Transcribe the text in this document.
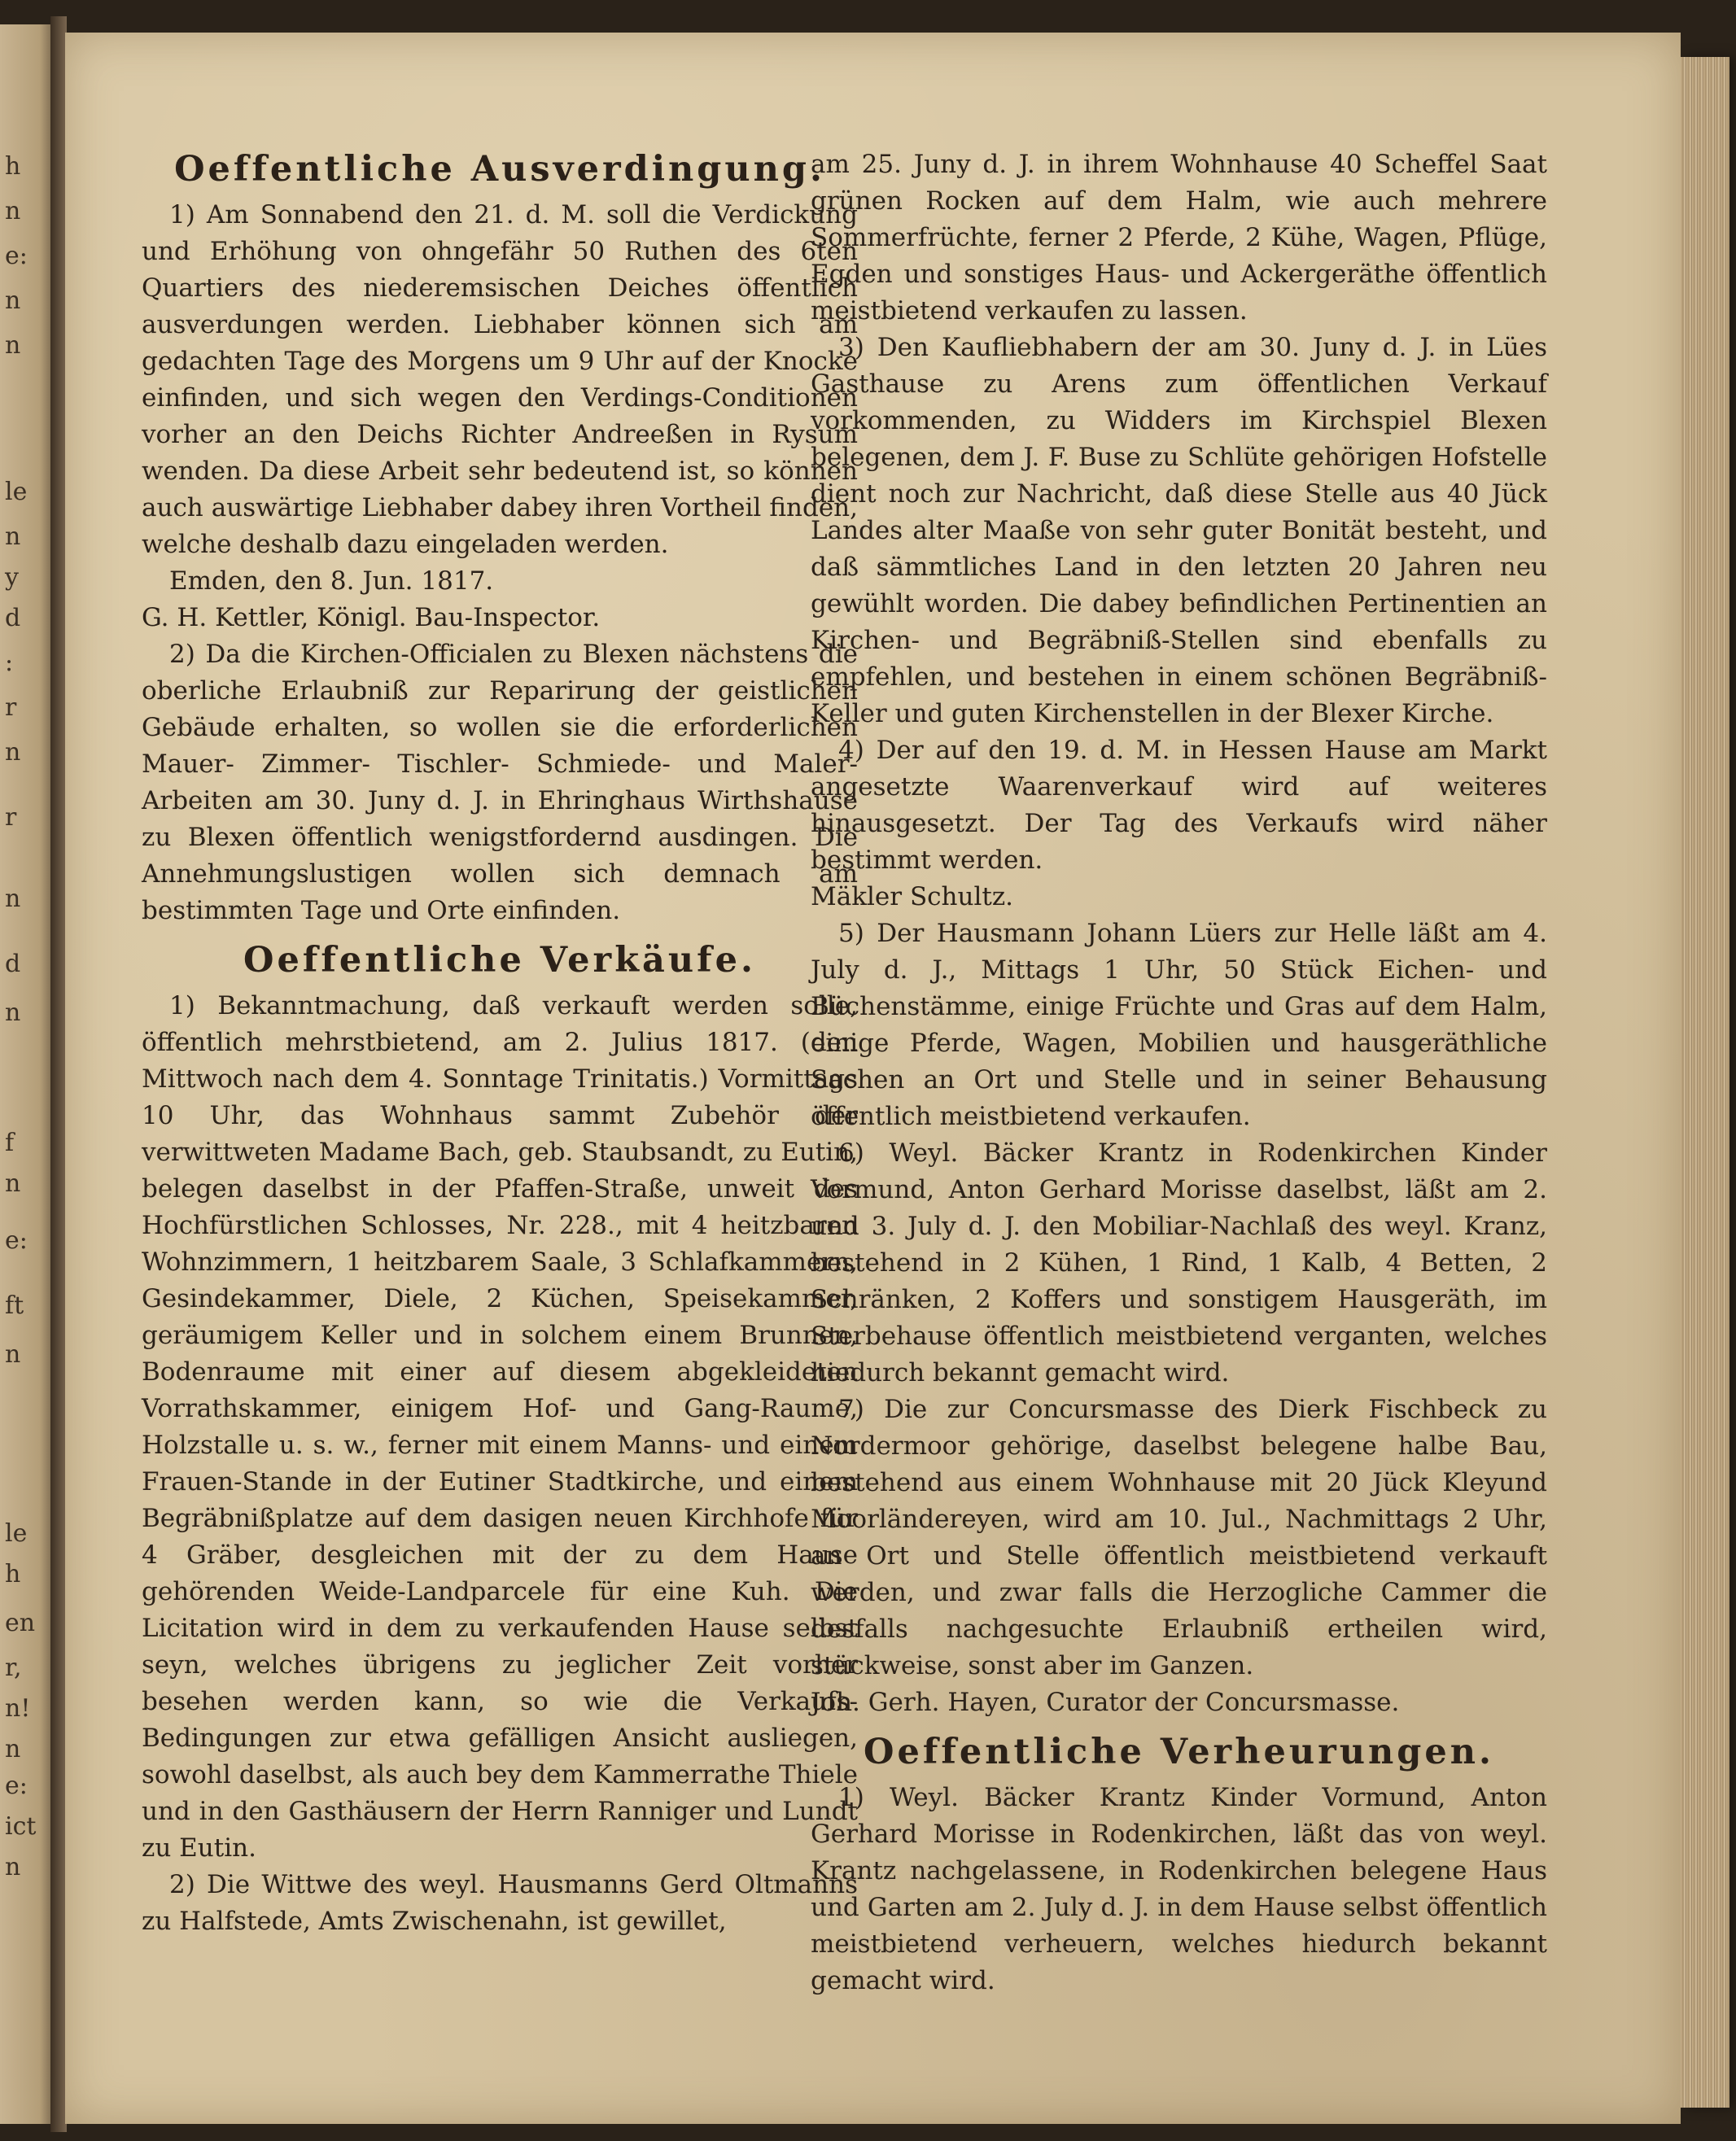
h
n
e:
n
n
le
n
y
d
:
r
n
r
n
d
n
f
n
e:
ft
n
le
h
en
r,
n!
n
e:
ict
n
Oeffentliche Ausverdingung.

1) Am Sonnabend den 21. d. M. soll die Verdickung und Erhöhung von ohngefähr 50 Ruthen des 6ten Quartiers des niederemsischen Deiches öffentlich ausverdungen werden. Liebhaber können sich am gedachten Tage des Morgens um 9 Uhr auf der Knocke einfinden, und sich wegen den Verdings-Conditionen vorher an den Deichs Richter Andreeßen in Rysum wenden. Da diese Arbeit sehr bedeutend ist, so können auch auswärtige Liebhaber dabey ihren Vortheil finden, welche deshalb dazu eingeladen werden.

Emden, den 8. Jun. 1817.

G. H. Kettler, Königl. Bau-Inspector.

2) Da die Kirchen-Officialen zu Blexen nächstens die oberliche Erlaubniß zur Reparirung der geistlichen Gebäude erhalten, so wollen sie die erforderlichen Mauer- Zimmer- Tischler- Schmiede- und Maler-Arbeiten am 30. Juny d. J. in Ehringhaus Wirthshause zu Blexen öffentlich wenigstfordernd ausdingen. Die Annehmungslustigen wollen sich demnach am bestimmten Tage und Orte einfinden.

Oeffentliche Verkäufe.

1) Bekanntmachung, daß verkauft werden solle, öffentlich mehrstbietend, am 2. Julius 1817. (den Mittwoch nach dem 4. Sonntage Trinitatis.) Vormittags 10 Uhr, das Wohnhaus sammt Zubehör der verwittweten Madame Bach, geb. Staubsandt, zu Eutin, belegen daselbst in der Pfaffen-Straße, unweit des Hochfürstlichen Schlosses, Nr. 228., mit 4 heitzbaren Wohnzimmern, 1 heitzbarem Saale, 3 Schlafkammern, Gesindekammer, Diele, 2 Küchen, Speisekammer, geräumigem Keller und in solchem einem Brunnen, Bodenraume mit einer auf diesem abgekleideten Vorrathskammer, einigem Hof- und Gang-Raume, Holzstalle u. s. w., ferner mit einem Manns- und einem Frauen-Stande in der Eutiner Stadtkirche, und einem Begräbnißplatze auf dem dasigen neuen Kirchhofe für 4 Gräber, desgleichen mit der zu dem Hause gehörenden Weide-Landparcele für eine Kuh. Die Licitation wird in dem zu verkaufenden Hause selbst seyn, welches übrigens zu jeglicher Zeit vorher besehen werden kann, so wie die Verkaufs-Bedingungen zur etwa gefälligen Ansicht ausliegen, sowohl daselbst, als auch bey dem Kammerrathe Thiele und in den Gasthäusern der Herrn Ranniger und Lundt zu Eutin.

2) Die Wittwe des weyl. Hausmanns Gerd Oltmanns zu Halfstede, Amts Zwischenahn, ist gewillet,

am 25. Juny d. J. in ihrem Wohnhause 40 Scheffel Saat grünen Rocken auf dem Halm, wie auch mehrere Sommerfrüchte, ferner 2 Pferde, 2 Kühe, Wagen, Pflüge, Egden und sonstiges Haus- und Ackergeräthe öffentlich meistbietend verkaufen zu lassen.

3) Den Kaufliebhabern der am 30. Juny d. J. in Lües Gasthause zu Arens zum öffentlichen Verkauf vorkommenden, zu Widders im Kirchspiel Blexen belegenen, dem J. F. Buse zu Schlüte gehörigen Hofstelle dient noch zur Nachricht, daß diese Stelle aus 40 Jück Landes alter Maaße von sehr guter Bonität besteht, und daß sämmtliches Land in den letzten 20 Jahren neu gewühlt worden. Die dabey befindlichen Pertinentien an Kirchen- und Begräbniß-Stellen sind ebenfalls zu empfehlen, und bestehen in einem schönen Begräbniß-Keller und guten Kirchenstellen in der Blexer Kirche.

4) Der auf den 19. d. M. in Hessen Hause am Markt angesetzte Waarenverkauf wird auf weiteres hinausgesetzt. Der Tag des Verkaufs wird näher bestimmt werden.

Mäkler Schultz.

5) Der Hausmann Johann Lüers zur Helle läßt am 4. July d. J., Mittags 1 Uhr, 50 Stück Eichen- und Büchenstämme, einige Früchte und Gras auf dem Halm, einige Pferde, Wagen, Mobilien und hausgeräthliche Sachen an Ort und Stelle und in seiner Behausung öffentlich meistbietend verkaufen.

6) Weyl. Bäcker Krantz in Rodenkirchen Kinder Vormund, Anton Gerhard Morisse daselbst, läßt am 2. und 3. July d. J. den Mobiliar-Nachlaß des weyl. Kranz, bestehend in 2 Kühen, 1 Rind, 1 Kalb, 4 Betten, 2 Schränken, 2 Koffers und sonstigem Hausgeräth, im Sterbehause öffentlich meistbietend verganten, welches hiedurch bekannt gemacht wird.

7) Die zur Concursmasse des Dierk Fischbeck zu Nordermoor gehörige, daselbst belegene halbe Bau, bestehend aus einem Wohnhause mit 20 Jück Kleyund Moorländereyen, wird am 10. Jul., Nachmittags 2 Uhr, an Ort und Stelle öffentlich meistbietend verkauft werden, und zwar falls die Herzogliche Cammer die desfalls nachgesuchte Erlaubniß ertheilen wird, stückweise, sonst aber im Ganzen.

Joh. Gerh. Hayen, Curator der Concursmasse.

Oeffentliche Verheurungen.

1) Weyl. Bäcker Krantz Kinder Vormund, Anton Gerhard Morisse in Rodenkirchen, läßt das von weyl. Krantz nachgelassene, in Rodenkirchen belegene Haus und Garten am 2. July d. J. in dem Hause selbst öffentlich meistbietend verheuern, welches hiedurch bekannt gemacht wird.
